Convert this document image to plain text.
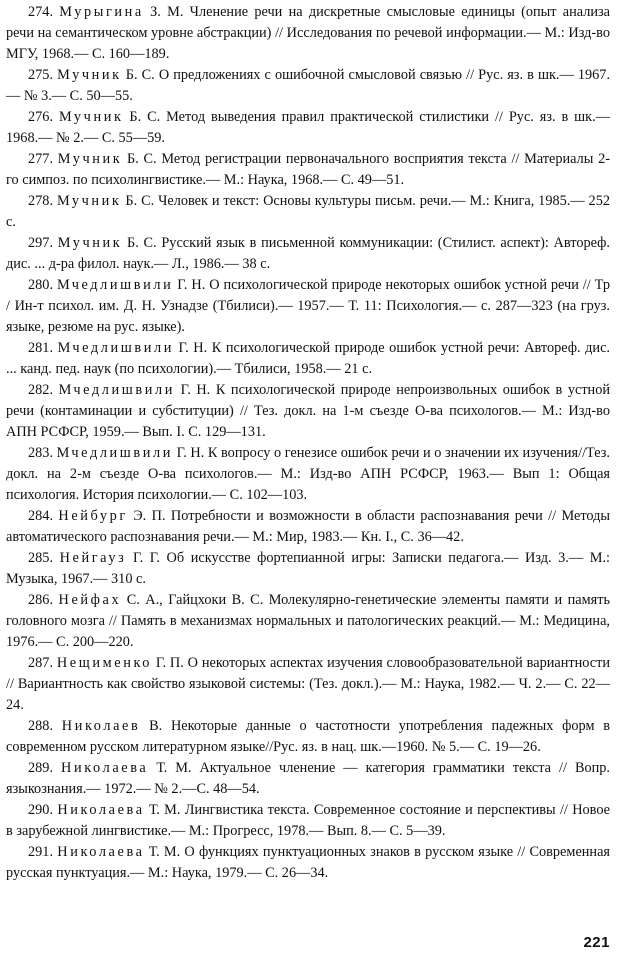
274. Мурыгина З. М. Членение речи на дискретные смысловые единицы (опыт анализа речи на семантическом уровне абстракции) // Исследования по речевой информации.— М.: Изд-во МГУ, 1968.— С. 160—189.

275. Мучник Б. С. О предложениях с ошибочной смысловой связью // Рус. яз. в шк.— 1967.— № 3.— С. 50—55.

276. Мучник Б. С. Метод выведения правил практической стилистики // Рус. яз. в шк.— 1968.— № 2.— С. 55—59.

277. Мучник Б. С. Метод регистрации первоначального восприятия текста // Материалы 2-го симпоз. по психолингвистике.— М.: Наука, 1968.— С. 49—51.

278. Мучник Б. С. Человек и текст: Основы культуры письм. речи.— М.: Книга, 1985.— 252 с.

297. Мучник Б. С. Русский язык в письменной коммуникации: (Стилист. аспект): Автореф. дис. ... д-ра филол. наук.— Л., 1986.— 38 с.

280. Мчедлишвили Г. Н. О психологической природе некоторых ошибок устной речи // Тр / Ин-т психол. им. Д. Н. Узнадзе (Тбилиси).— 1957.— Т. 11: Психология.— с. 287—323 (на груз. языке, резюме на рус. языке).

281. Мчедлишвили Г. Н. К психологической природе ошибок устной речи: Автореф. дис. ... канд. пед. наук (по психологии).— Тбилиси, 1958.— 21 с.

282. Мчедлишвили Г. Н. К психологической природе непроизвольных ошибок в устной речи (контаминации и субституции) // Тез. докл. на 1-м съезде О-ва психологов.— М.: Изд-во АПН РСФСР, 1959.— Вып. I. С. 129—131.

283. Мчедлишвили Г. Н. К вопросу о генезисе ошибок речи и о значении их изучения//Тез. докл. на 2-м съезде О-ва психологов.— М.: Изд-во АПН РСФСР, 1963.— Вып 1: Общая психология. История психологии.— С. 102—103.

284. Нейбург Э. П. Потребности и возможности в области распознавания речи // Методы автоматического распознавания речи.— М.: Мир, 1983.— Кн. I., С. 36—42.

285. Нейгауз Г. Г. Об искусстве фортепианной игры: Записки педагога.— Изд. 3.— М.: Музыка, 1967.— 310 с.

286. Нейфах С. А., Гайцхоки В. С. Молекулярно-генетические элементы памяти и память головного мозга // Память в механизмах нормальных и патологических реакций.— М.: Медицина, 1976.— С. 200—220.

287. Нещименко Г. П. О некоторых аспектах изучения словообразовательной вариантности // Вариантность как свойство языковой системы: (Тез. докл.).— М.: Наука, 1982.— Ч. 2.— С. 22—24.

288. Николаев В. Некоторые данные о частотности употребления падежных форм в современном русском литературном языке//Рус. яз. в нац. шк.—1960. № 5.— С. 19—26.

289. Николаева Т. М. Актуальное членение — категория грамматики текста // Вопр. языкознания.— 1972.— № 2.—С. 48—54.

290. Николаева Т. М. Лингвистика текста. Современное состояние и перспективы // Новое в зарубежной лингвистике.— М.: Прогресс, 1978.— Вып. 8.— С. 5—39.

291. Николаева Т. М. О функциях пунктуационных знаков в русском языке // Современная русская пунктуация.— М.: Наука, 1979.— С. 26—34.

221
